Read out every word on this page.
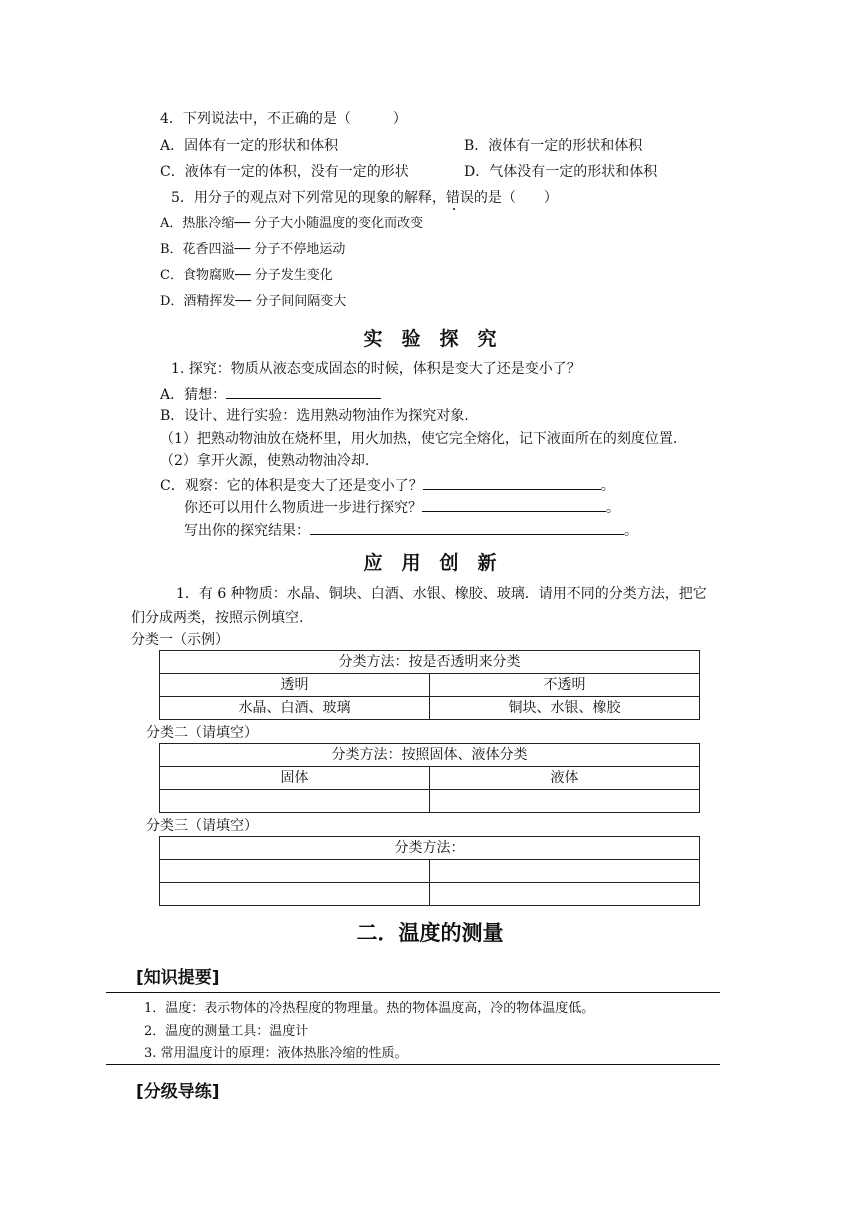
4．下列说法中，不正确的是（　　　）
A．固体有一定的形状和体积	B．液体有一定的形状和体积
C．液体有一定的体积，没有一定的形状	D．气体没有一定的形状和体积
5．用分子的观点对下列常见的现象的解释，错误的是（　　）
A．热胀冷缩── 分子大小随温度的变化而改变
B．花香四溢── 分子不停地运动
C．食物腐败── 分子发生变化
D．酒精挥发── 分子间间隔变大
实　验　探　究
1. 探究：物质从液态变成固态的时候，体积是变大了还是变小了？
A．猜想：
B．设计、进行实验：选用熟动物油作为探究对象.
（1）把熟动物油放在烧杯里，用火加热，使它完全熔化，记下液面所在的刻度位置.
（2）拿开火源，使熟动物油冷却.
C．观察：它的体积是变大了还是变小了？	。
你还可以用什么物质进一步进行探究？	。
写出你的探究结果：	。
应　用　创　新
1．有 6 种物质：水晶、铜块、白酒、水银、橡胶、玻璃．请用不同的分类方法，把它
们分成两类，按照示例填空.
分类一（示例）
分类方法：按是否透明来分类	
透明	不透明
水晶、白酒、玻璃	铜块、水银、橡胶
分类二（请填空）
分类方法：按照固体、液体分类	
固体	液体

分类三（请填空）
分类方法：	

二．温度的测量
[知识提要]
1．温度：表示物体的冷热程度的物理量。热的物体温度高，冷的物体温度低。
2．温度的测量工具：温度计
3. 常用温度计的原理：液体热胀冷缩的性质。
[分级导练]
